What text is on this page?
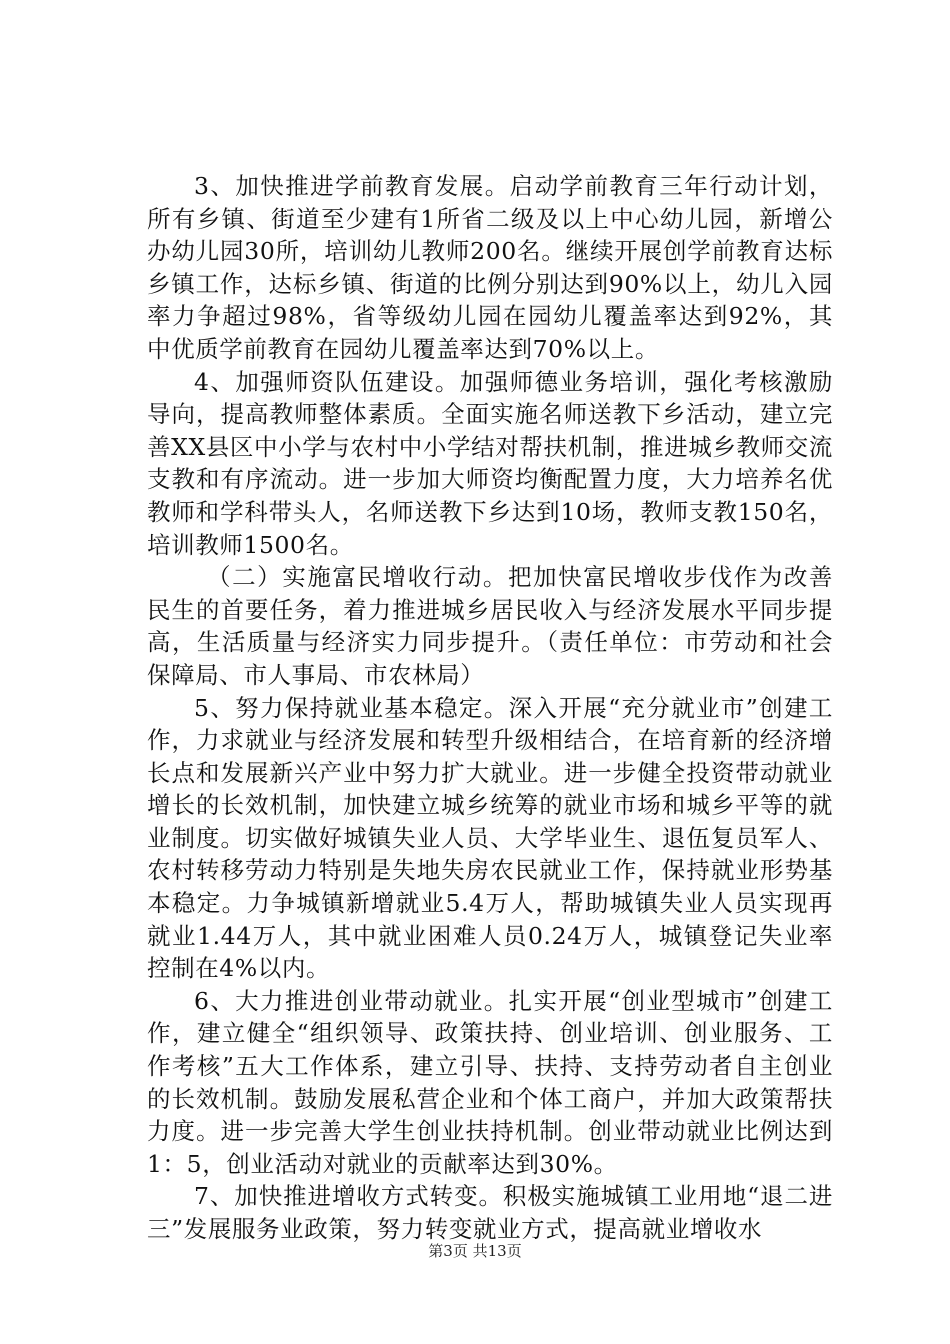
3、加快推进学前教育发展。启动学前教育三年行动计划，所有乡镇、街道至少建有1所省二级及以上中心幼儿园，新增公办幼儿园30所，培训幼儿教师200名。继续开展创学前教育达标乡镇工作，达标乡镇、街道的比例分别达到90%以上，幼儿入园率力争超过98%，省等级幼儿园在园幼儿覆盖率达到92%，其中优质学前教育在园幼儿覆盖率达到70%以上。

4、加强师资队伍建设。加强师德业务培训，强化考核激励导向，提高教师整体素质。全面实施名师送教下乡活动，建立完善XX县区中小学与农村中小学结对帮扶机制，推进城乡教师交流支教和有序流动。进一步加大师资均衡配置力度，大力培养名优教师和学科带头人，名师送教下乡达到10场，教师支教150名，培训教师1500名。

（二）实施富民增收行动。把加快富民增收步伐作为改善民生的首要任务，着力推进城乡居民收入与经济发展水平同步提高，生活质量与经济实力同步提升。（责任单位：市劳动和社会保障局、市人事局、市农林局）

5、努力保持就业基本稳定。深入开展“充分就业市”创建工作，力求就业与经济发展和转型升级相结合，在培育新的经济增长点和发展新兴产业中努力扩大就业。进一步健全投资带动就业增长的长效机制，加快建立城乡统筹的就业市场和城乡平等的就业制度。切实做好城镇失业人员、大学毕业生、退伍复员军人、农村转移劳动力特别是失地失房农民就业工作，保持就业形势基本稳定。力争城镇新增就业5.4万人，帮助城镇失业人员实现再就业1.44万人，其中就业困难人员0.24万人，城镇登记失业率控制在4%以内。

6、大力推进创业带动就业。扎实开展“创业型城市”创建工作，建立健全“组织领导、政策扶持、创业培训、创业服务、工作考核”五大工作体系，建立引导、扶持、支持劳动者自主创业的长效机制。鼓励发展私营企业和个体工商户，并加大政策帮扶力度。进一步完善大学生创业扶持机制。创业带动就业比例达到1：5，创业活动对就业的贡献率达到30%。

7、加快推进增收方式转变。积极实施城镇工业用地“退二进三”发展服务业政策，努力转变就业方式，提高就业增收水

第3页 共13页
